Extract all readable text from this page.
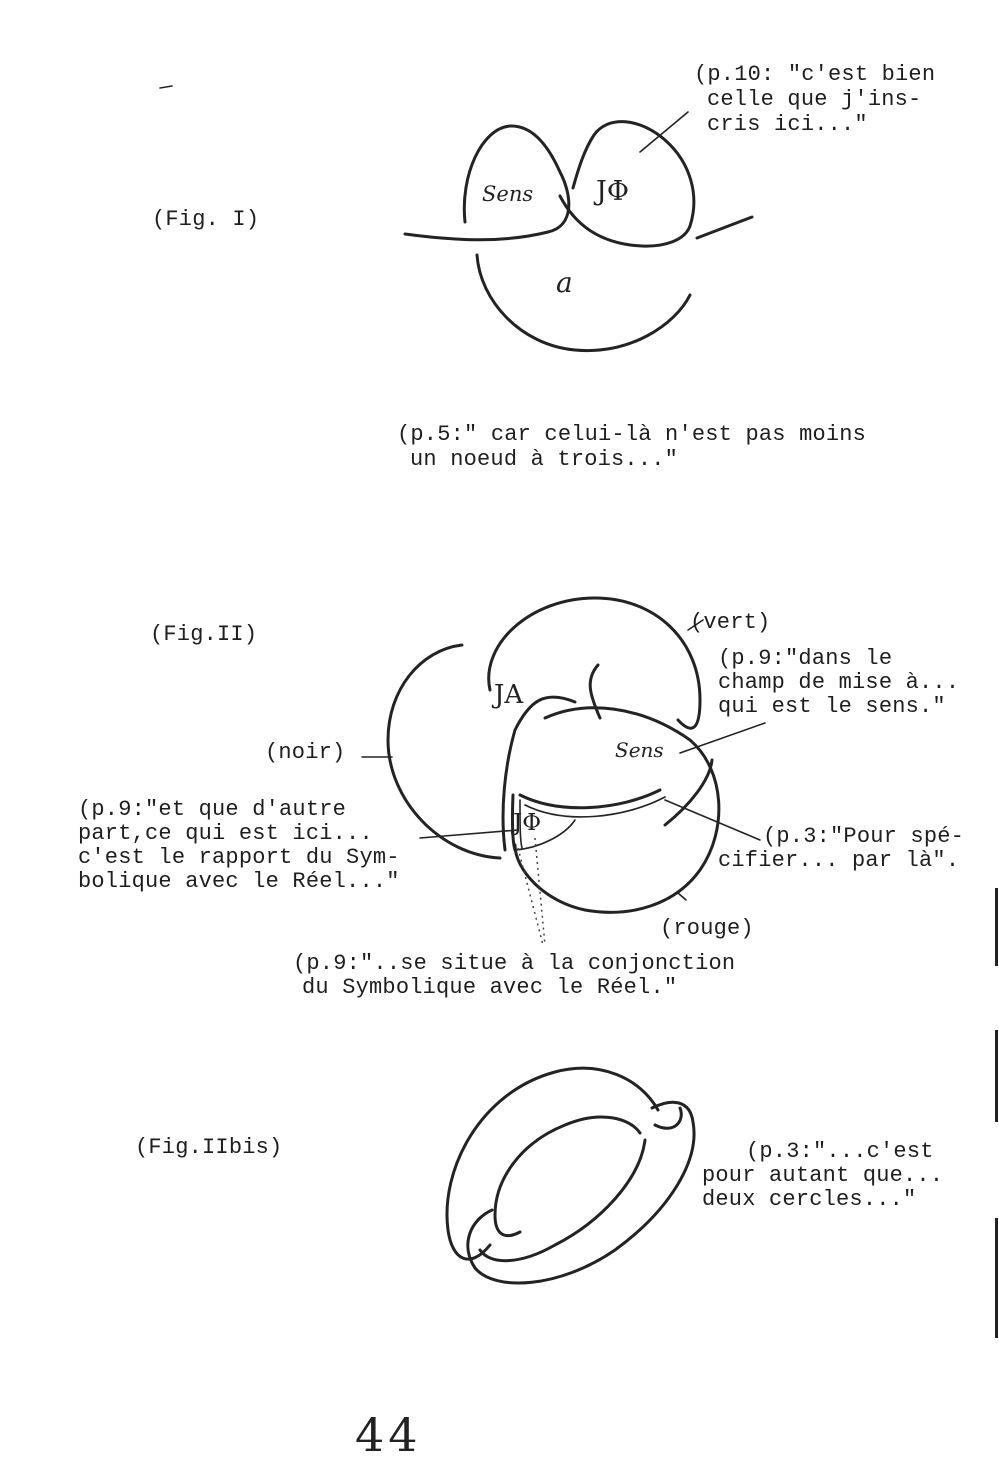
(Fig. I)
Sens JΦ
a
(p.10: "c'est bien
celle que j'ins-
cris ici..."
(p.5:" car celui-là n'est pas moins
un noeud à trois..."
(Fig.II)	(vert)
(noir)
(rouge)
JA
Sens
JΦ
(p.9:"dans le
champ de mise à...
qui est le sens."
(p.9:"et que d'autre
part,ce qui est ici...
c'est le rapport du Sym-
bolique avec le Réel..."
(p.3:"Pour spé-
cifier... par là".
(p.9:"..se situe à la conjonction
du Symbolique avec le Réel."
(Fig.IIbis)	(p.3:"...c'est
pour autant que...
deux cercles..."
44
